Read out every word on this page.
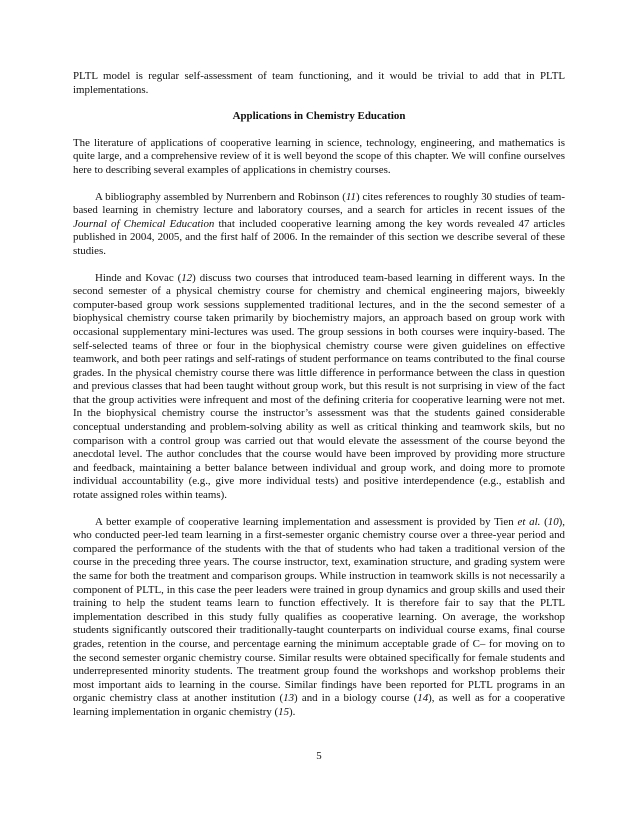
PLTL model is regular self-assessment of team functioning, and it would be trivial to add that in PLTL implementations.

Applications in Chemistry Education

The literature of applications of cooperative learning in science, technology, engineering, and mathematics is quite large, and a comprehensive review of it is well beyond the scope of this chapter. We will confine ourselves here to describing several examples of applications in chemistry courses.

A bibliography assembled by Nurrenbern and Robinson (11) cites references to roughly 30 studies of team-based learning in chemistry lecture and laboratory courses, and a search for articles in recent issues of the Journal of Chemical Education that included cooperative learning among the key words revealed 47 articles published in 2004, 2005, and the first half of 2006. In the remainder of this section we describe several of these studies.

Hinde and Kovac (12) discuss two courses that introduced team-based learning in different ways. In the second semester of a physical chemistry course for chemistry and chemical engineering majors, biweekly computer-based group work sessions supplemented traditional lectures, and in the the second semester of a biophysical chemistry course taken primarily by biochemistry majors, an approach based on group work with occasional supplementary mini-lectures was used. The group sessions in both courses were inquiry-based. The self-selected teams of three or four in the biophysical chemistry course were given guidelines on effective teamwork, and both peer ratings and self-ratings of student performance on teams contributed to the final course grades. In the physical chemistry course there was little difference in performance between the class in question and previous classes that had been taught without group work, but this result is not surprising in view of the fact that the group activities were infrequent and most of the defining criteria for cooperative learning were not met. In the biophysical chemistry course the instructor’s assessment was that the students gained considerable conceptual understanding and problem-solving ability as well as critical thinking and teamwork skils, but no comparison with a control group was carried out that would elevate the assessment of the course beyond the anecdotal level. The author concludes that the course would have been improved by providing more structure and feedback, maintaining a better balance between individual and group work, and doing more to promote individual accountability (e.g., give more individual tests) and positive interdependence (e.g., establish and rotate assigned roles within teams).

A better example of cooperative learning implementation and assessment is provided by Tien et al. (10), who conducted peer-led team learning in a first-semester organic chemistry course over a three-year period and compared the performance of the students with the that of students who had taken a traditional version of the course in the preceding three years. The course instructor, text, examination structure, and grading system were the same for both the treatment and comparison groups. While instruction in teamwork skills is not necessarily a component of PLTL, in this case the peer leaders were trained in group dynamics and group skills and used their training to help the student teams learn to function effectively. It is therefore fair to say that the PLTL implementation described in this study fully qualifies as cooperative learning. On average, the workshop students significantly outscored their traditionally-taught counterparts on individual course exams, final course grades, retention in the course, and percentage earning the minimum acceptable grade of C– for moving on to the second semester organic chemistry course. Similar results were obtained specifically for female students and underrepresented minority students. The treatment group found the workshops and workshop problems their most important aids to learning in the course. Similar findings have been reported for PLTL programs in an organic chemistry class at another institution (13) and in a biology course (14), as well as for a cooperative learning implementation in organic chemistry (15).

5
